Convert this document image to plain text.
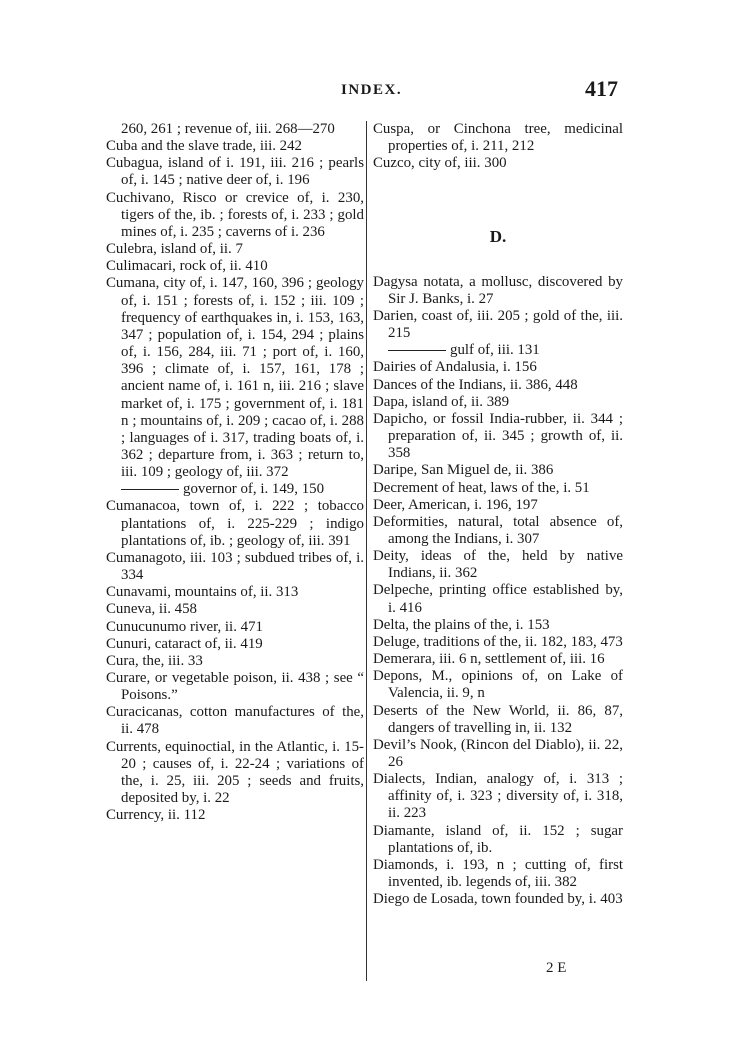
INDEX.	417

260, 261 ; revenue of, iii. 268—270

Cuba and the slave trade, iii. 242

Cubagua, island of i. 191, iii. 216 ; pearls of, i. 145 ; native deer of, i. 196

Cuchivano, Risco or crevice of, i. 230, tigers of the, ib. ; forests of, i. 233 ; gold mines of, i. 235 ; caverns of i. 236

Culebra, island of, ii. 7

Culimacari, rock of, ii. 410

Cumana, city of, i. 147, 160, 396 ; geology of, i. 151 ; forests of, i. 152 ; iii. 109 ; frequency of earthquakes in, i. 153, 163, 347 ; population of, i. 154, 294 ; plains of, i. 156, 284, iii. 71 ; port of, i. 160, 396 ; climate of, i. 157, 161, 178 ; ancient name of, i. 161 n, iii. 216 ; slave market of, i. 175 ; government of, i. 181 n ; mountains of, i. 209 ; cacao of, i. 288 ; languages of i. 317, trading boats of, i. 362 ; departure from, i. 363 ; return to, iii. 109 ; geology of, iii. 372

governor of, i. 149, 150

Cumanacoa, town of, i. 222 ; tobacco plantations of, i. 225-229 ; indigo plantations of, ib. ; geology of, iii. 391

Cumanagoto, iii. 103 ; subdued tribes of, i. 334

Cunavami, mountains of, ii. 313

Cuneva, ii. 458

Cunucunumo river, ii. 471

Cunuri, cataract of, ii. 419

Cura, the, iii. 33

Curare, or vegetable poison, ii. 438 ; see “ Poisons.”

Curacicanas, cotton manufactures of the, ii. 478

Currents, equinoctial, in the Atlantic, i. 15-20 ; causes of, i. 22-24 ; variations of the, i. 25, iii. 205 ; seeds and fruits, deposited by, i. 22

Currency, ii. 112

Cuspa, or Cinchona tree, medicinal properties of, i. 211, 212

Cuzco, city of, iii. 300

D.

Dagysa notata, a mollusc, discovered by Sir J. Banks, i. 27

Darien, coast of, iii. 205 ; gold of the, iii. 215

gulf of, iii. 131

Dairies of Andalusia, i. 156

Dances of the Indians, ii. 386, 448

Dapa, island of, ii. 389

Dapicho, or fossil India-rubber, ii. 344 ; preparation of, ii. 345 ; growth of, ii. 358

Daripe, San Miguel de, ii. 386

Decrement of heat, laws of the, i. 51

Deer, American, i. 196, 197

Deformities, natural, total absence of, among the Indians, i. 307

Deity, ideas of the, held by native Indians, ii. 362

Delpeche, printing office established by, i. 416

Delta, the plains of the, i. 153

Deluge, traditions of the, ii. 182, 183, 473

Demerara, iii. 6 n, settlement of, iii. 16

Depons, M., opinions of, on Lake of Valencia, ii. 9, n

Deserts of the New World, ii. 86, 87, dangers of travelling in, ii. 132

Devil’s Nook, (Rincon del Diablo), ii. 22, 26

Dialects, Indian, analogy of, i. 313 ; affinity of, i. 323 ; diversity of, i. 318, ii. 223

Diamante, island of, ii. 152 ; sugar plantations of, ib.

Diamonds, i. 193, n ; cutting of, first invented, ib. legends of, iii. 382

Diego de Losada, town founded by, i. 403

2 E
